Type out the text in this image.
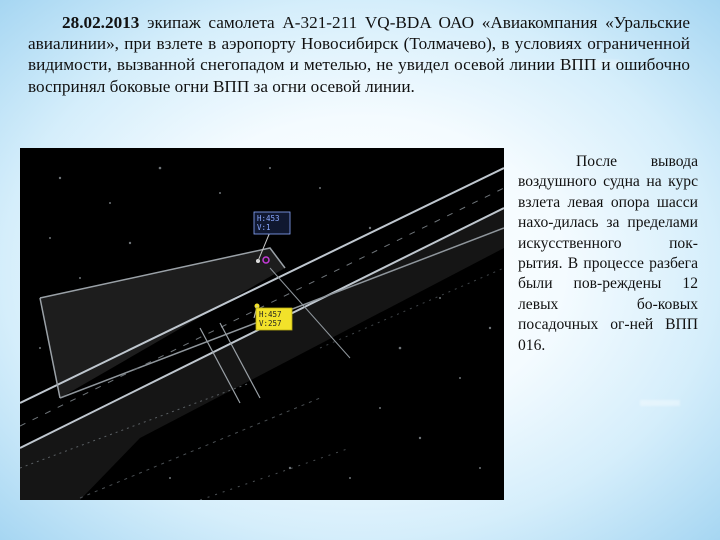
28.02.2013 экипаж самолета А-321-211 VQ-BDA ОАО «Авиакомпания «Уральские авиалинии», при взлете в аэропорту Новосибирск (Толмачево), в условиях ограниченной видимости, вызванной снегопадом и метелью, не увидел осевой линии ВПП и ошибочно воспринял боковые огни ВПП за огни осевой линии.

H:453
V:1
H:457
V:257

После вывода воздушного судна на курс взлета левая опора шасси нахо-дилась за пределами искусственного пок-рытия. В процессе разбега были пов-реждены 12 левых бо-ковых посадочных ог-ней ВПП 016.
